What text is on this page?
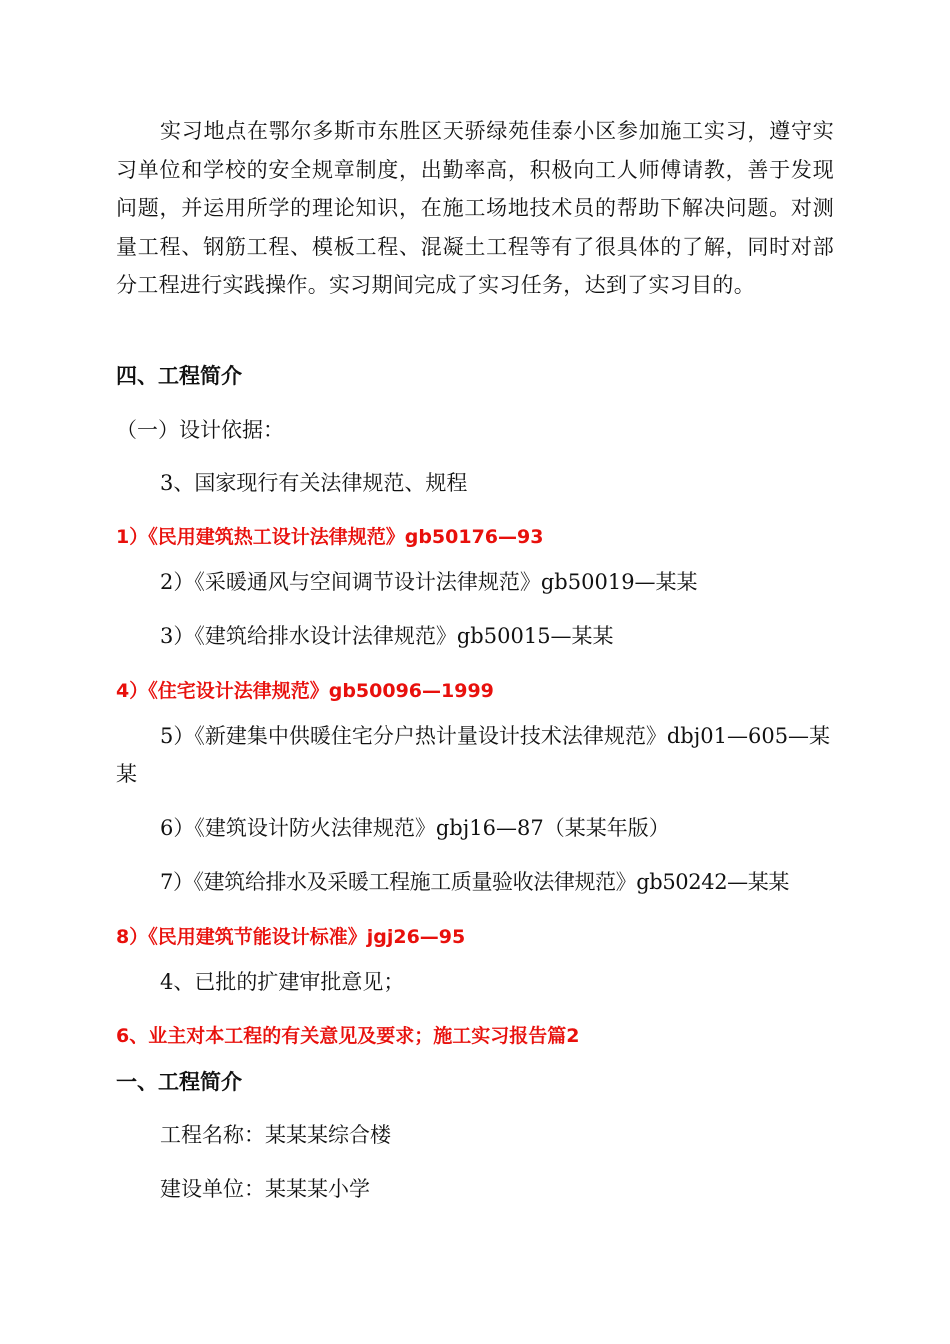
实习地点在鄂尔多斯市东胜区天骄绿苑佳泰小区参加施工实习，遵守实习单位和学校的安全规章制度，出勤率高，积极向工人师傅请教，善于发现问题，并运用所学的理论知识，在施工场地技术员的帮助下解决问题。对测量工程、钢筋工程、模板工程、混凝土工程等有了很具体的了解，同时对部分工程进行实践操作。实习期间完成了实习任务，达到了实习目的。

四、工程简介
（一）设计依据：
3、国家现行有关法律规范、规程
1）《民用建筑热工设计法律规范》gb50176—93
2）《采暖通风与空间调节设计法律规范》gb50019—某某
3）《建筑给排水设计法律规范》gb50015—某某
4）《住宅设计法律规范》gb50096—1999
5）《新建集中供暖住宅分户热计量设计技术法律规范》dbj01—605—某某
6）《建筑设计防火法律规范》gbj16—87（某某年版）
7）《建筑给排水及采暖工程施工质量验收法律规范》gb50242—某某
8）《民用建筑节能设计标准》jgj26—95
4、已批的扩建审批意见；
6、业主对本工程的有关意见及要求；施工实习报告篇2
一、工程简介
工程名称：某某某综合楼
建设单位：某某某小学
